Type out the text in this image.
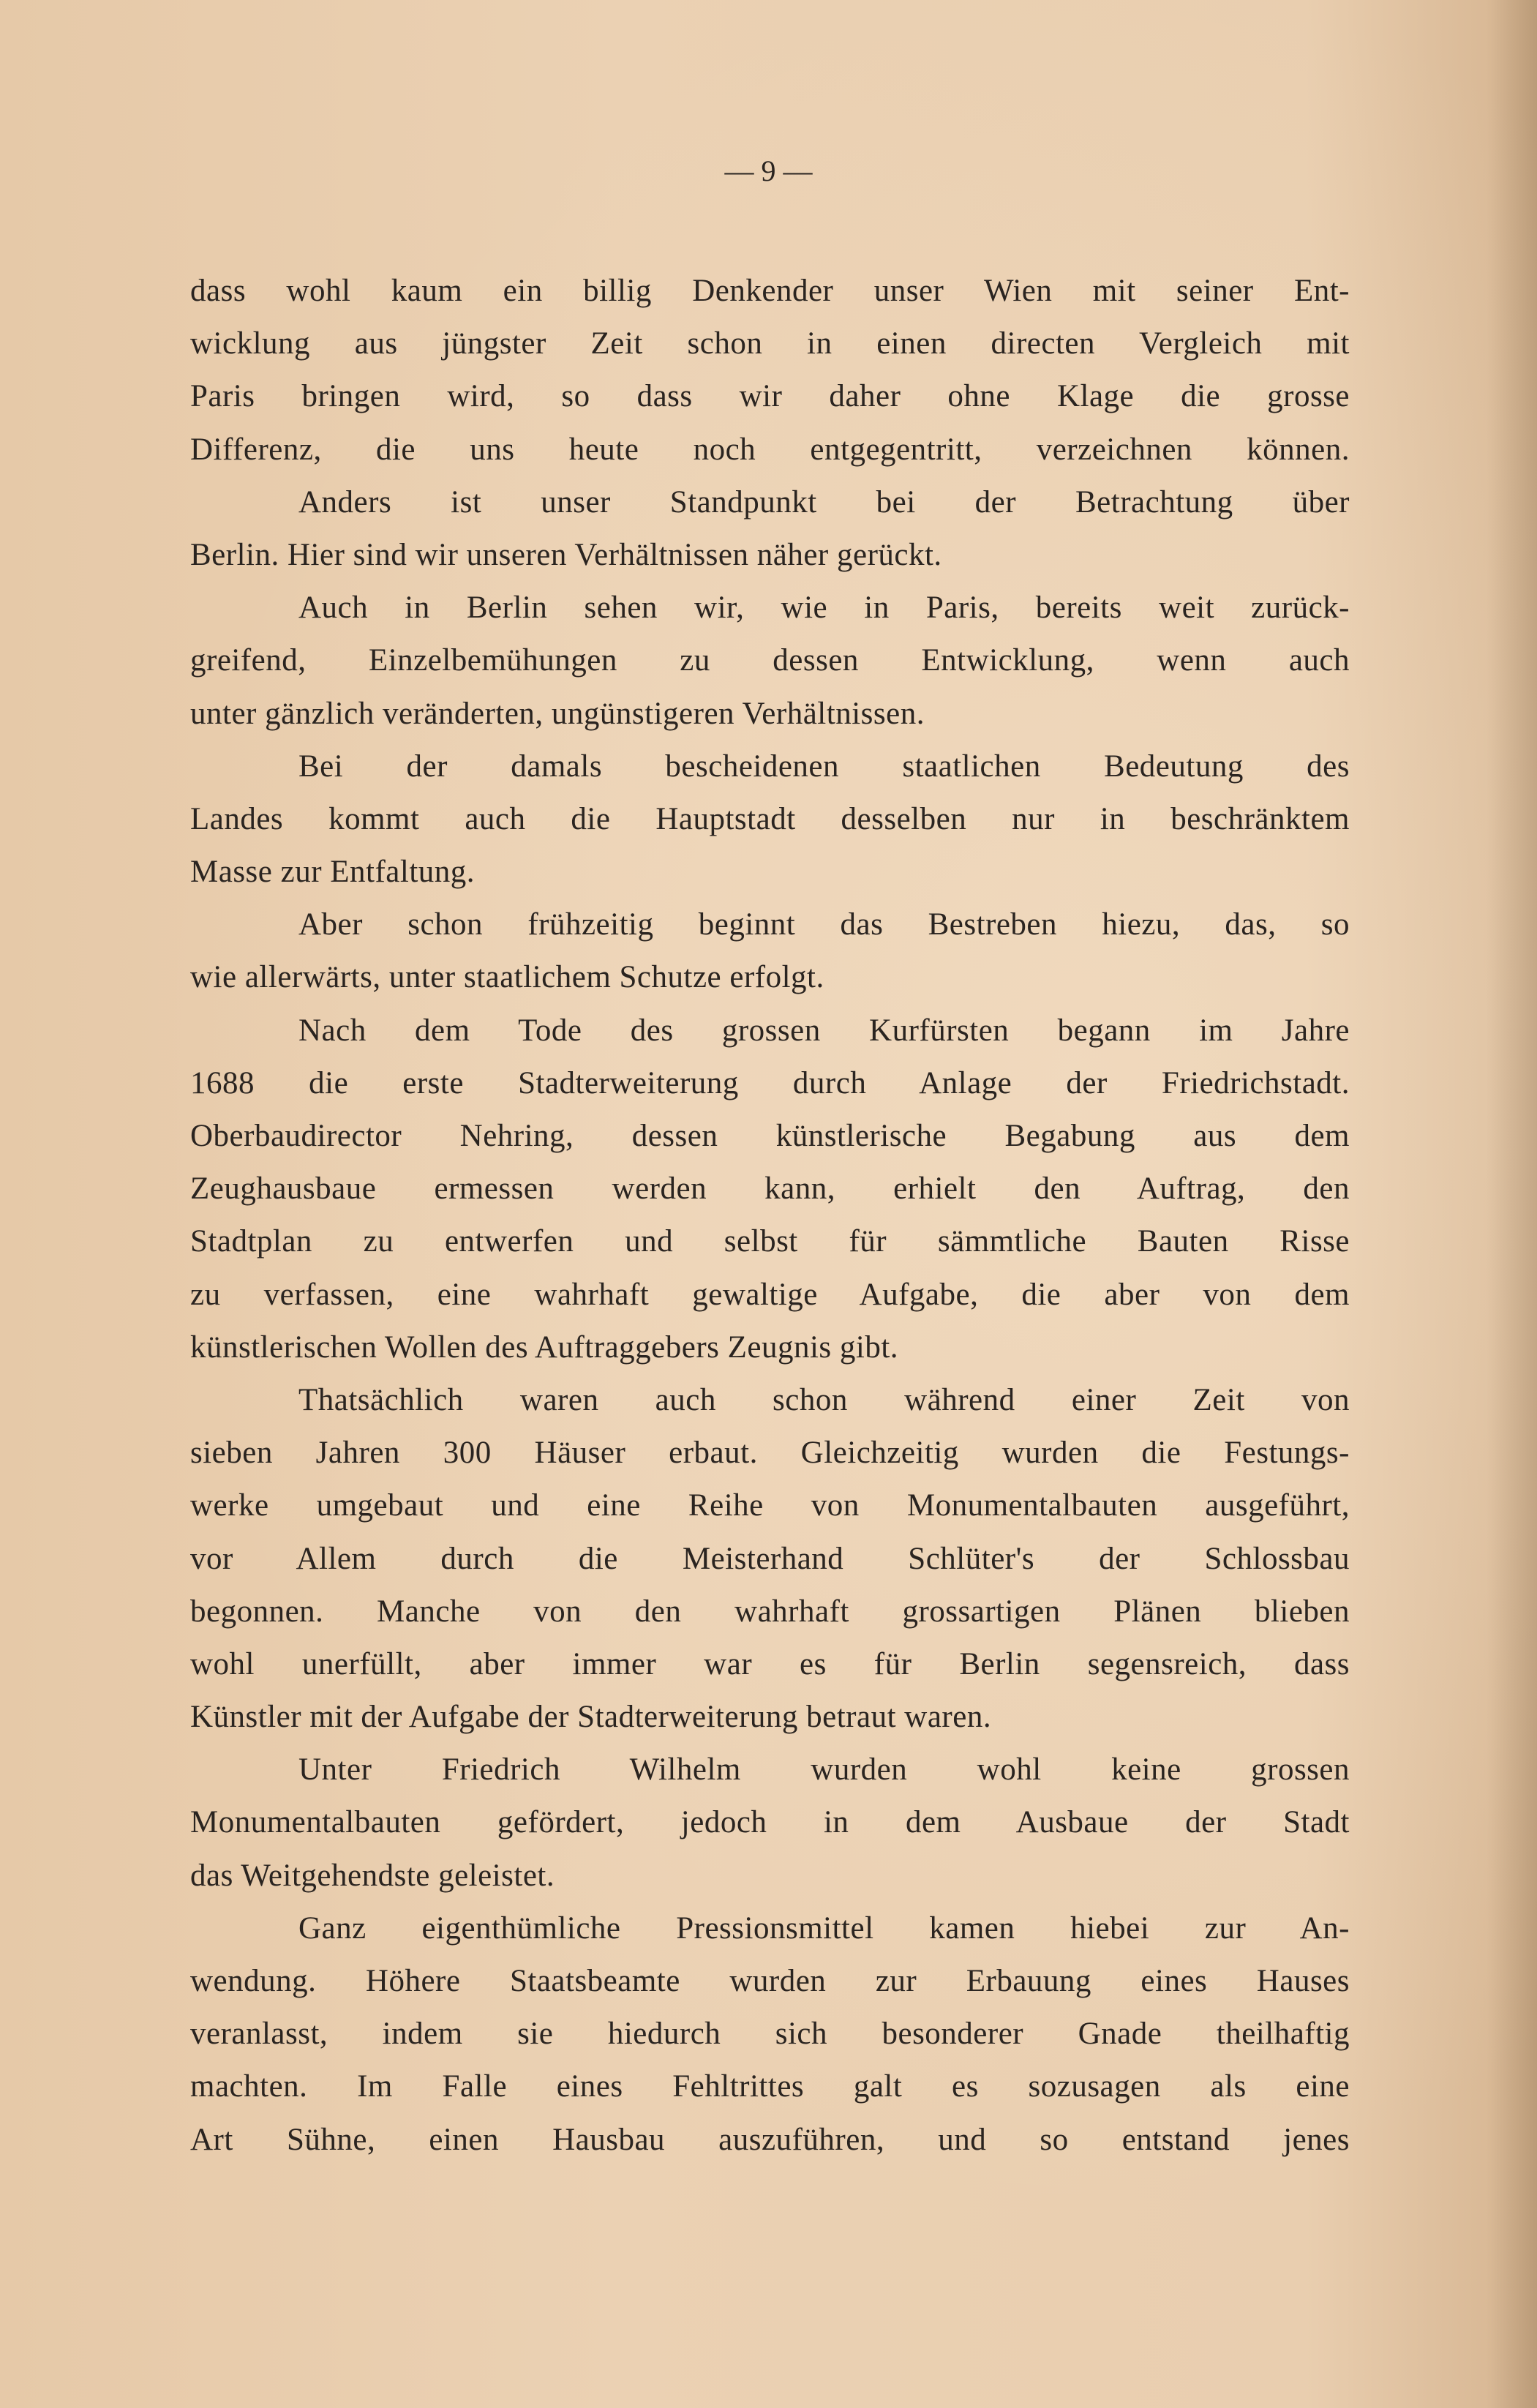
— 9 —
dass wohl kaum ein billig Denkender unser Wien mit seiner Ent-
wicklung aus jüngster Zeit schon in einen directen Vergleich mit
Paris bringen wird, so dass wir daher ohne Klage die grosse
Differenz, die uns heute noch entgegentritt, verzeichnen können.
Anders ist unser Standpunkt bei der Betrachtung über
Berlin. Hier sind wir unseren Verhältnissen näher gerückt.
Auch in Berlin sehen wir, wie in Paris, bereits weit zurück-
greifend, Einzelbemühungen zu dessen Entwicklung, wenn auch
unter gänzlich veränderten, ungünstigeren Verhältnissen.
Bei der damals bescheidenen staatlichen Bedeutung des
Landes kommt auch die Hauptstadt desselben nur in beschränktem
Masse zur Entfaltung.
Aber schon frühzeitig beginnt das Bestreben hiezu, das, so
wie allerwärts, unter staatlichem Schutze erfolgt.
Nach dem Tode des grossen Kurfürsten begann im Jahre
1688 die erste Stadterweiterung durch Anlage der Friedrichstadt.
Oberbaudirector Nehring, dessen künstlerische Begabung aus dem
Zeughausbaue ermessen werden kann, erhielt den Auftrag, den
Stadtplan zu entwerfen und selbst für sämmtliche Bauten Risse
zu verfassen, eine wahrhaft gewaltige Aufgabe, die aber von dem
künstlerischen Wollen des Auftraggebers Zeugnis gibt.
Thatsächlich waren auch schon während einer Zeit von
sieben Jahren 300 Häuser erbaut. Gleichzeitig wurden die Festungs-
werke umgebaut und eine Reihe von Monumentalbauten ausgeführt,
vor Allem durch die Meisterhand Schlüter's der Schlossbau
begonnen. Manche von den wahrhaft grossartigen Plänen blieben
wohl unerfüllt, aber immer war es für Berlin segensreich, dass
Künstler mit der Aufgabe der Stadterweiterung betraut waren.
Unter Friedrich Wilhelm wurden wohl keine grossen
Monumentalbauten gefördert, jedoch in dem Ausbaue der Stadt
das Weitgehendste geleistet.
Ganz eigenthümliche Pressionsmittel kamen hiebei zur An-
wendung. Höhere Staatsbeamte wurden zur Erbauung eines Hauses
veranlasst, indem sie hiedurch sich besonderer Gnade theilhaftig
machten. Im Falle eines Fehltrittes galt es sozusagen als eine
Art Sühne, einen Hausbau auszuführen, und so entstand jenes
